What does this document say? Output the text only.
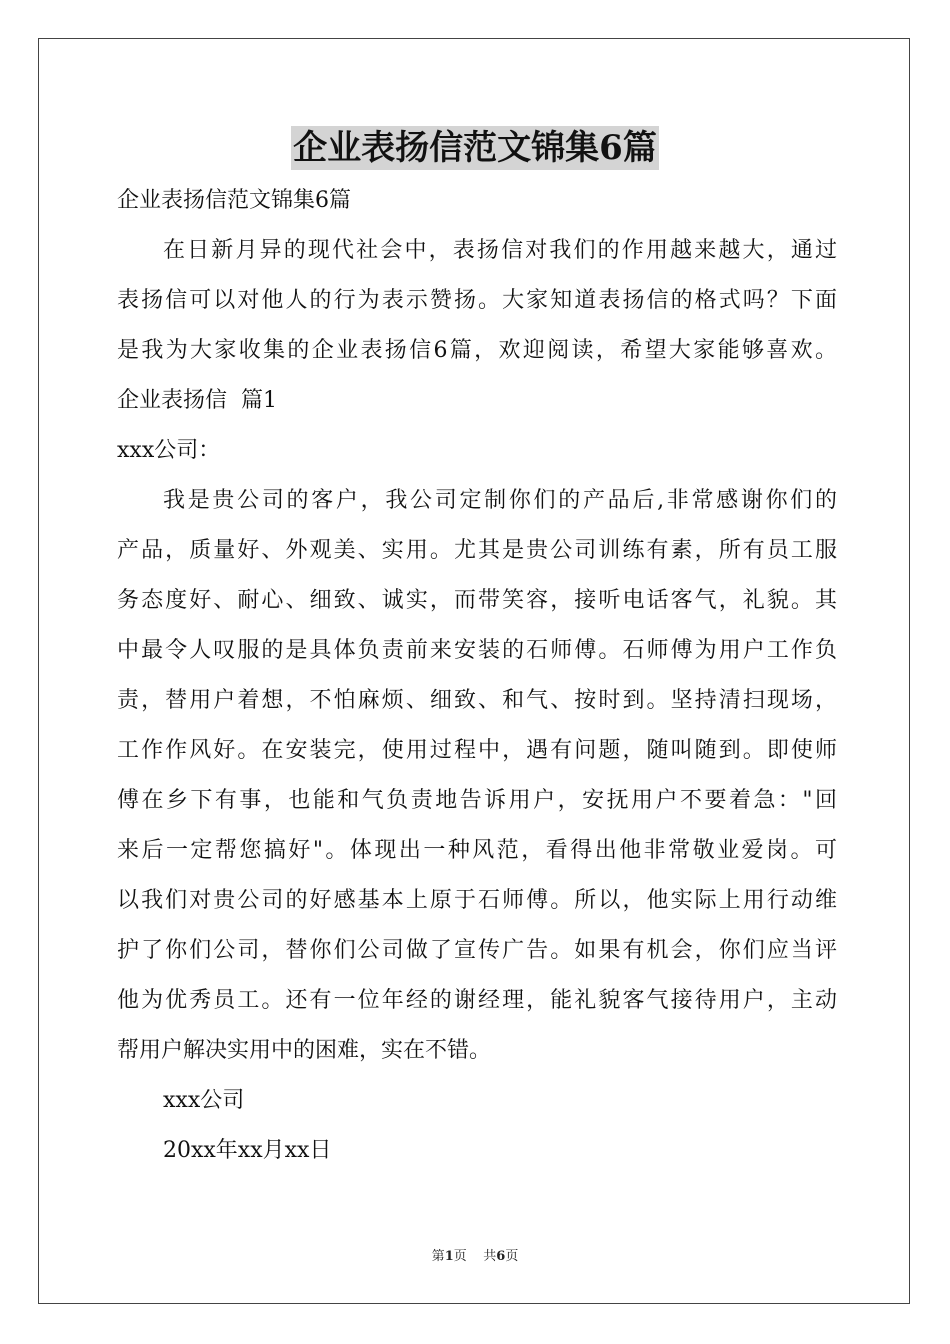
企业表扬信范文锦集6篇
企业表扬信范文锦集6篇
在日新月异的现代社会中，表扬信对我们的作用越来越大，通过
表扬信可以对他人的行为表示赞扬。大家知道表扬信的格式吗？下面
是我为大家收集的企业表扬信6篇，欢迎阅读，希望大家能够喜欢。
企业表扬信  篇1
xxx公司：
我是贵公司的客户，我公司定制你们的产品后,非常感谢你们的
产品，质量好、外观美、实用。尤其是贵公司训练有素，所有员工服
务态度好、耐心、细致、诚实，而带笑容，接听电话客气，礼貌。其
中最令人叹服的是具体负责前来安装的石师傅。石师傅为用户工作负
责，替用户着想，不怕麻烦、细致、和气、按时到。坚持清扫现场，
工作作风好。在安装完，使用过程中，遇有问题，随叫随到。即使师
傅在乡下有事，也能和气负责地告诉用户，安抚用户不要着急："回
来后一定帮您搞好"。体现出一种风范，看得出他非常敬业爱岗。可
以我们对贵公司的好感基本上原于石师傅。所以，他实际上用行动维
护了你们公司，替你们公司做了宣传广告。如果有机会，你们应当评
他为优秀员工。还有一位年经的谢经理，能礼貌客气接待用户，主动
帮用户解决实用中的困难，实在不错。
xxx公司
20xx年xx月xx日
第1页    共6页
